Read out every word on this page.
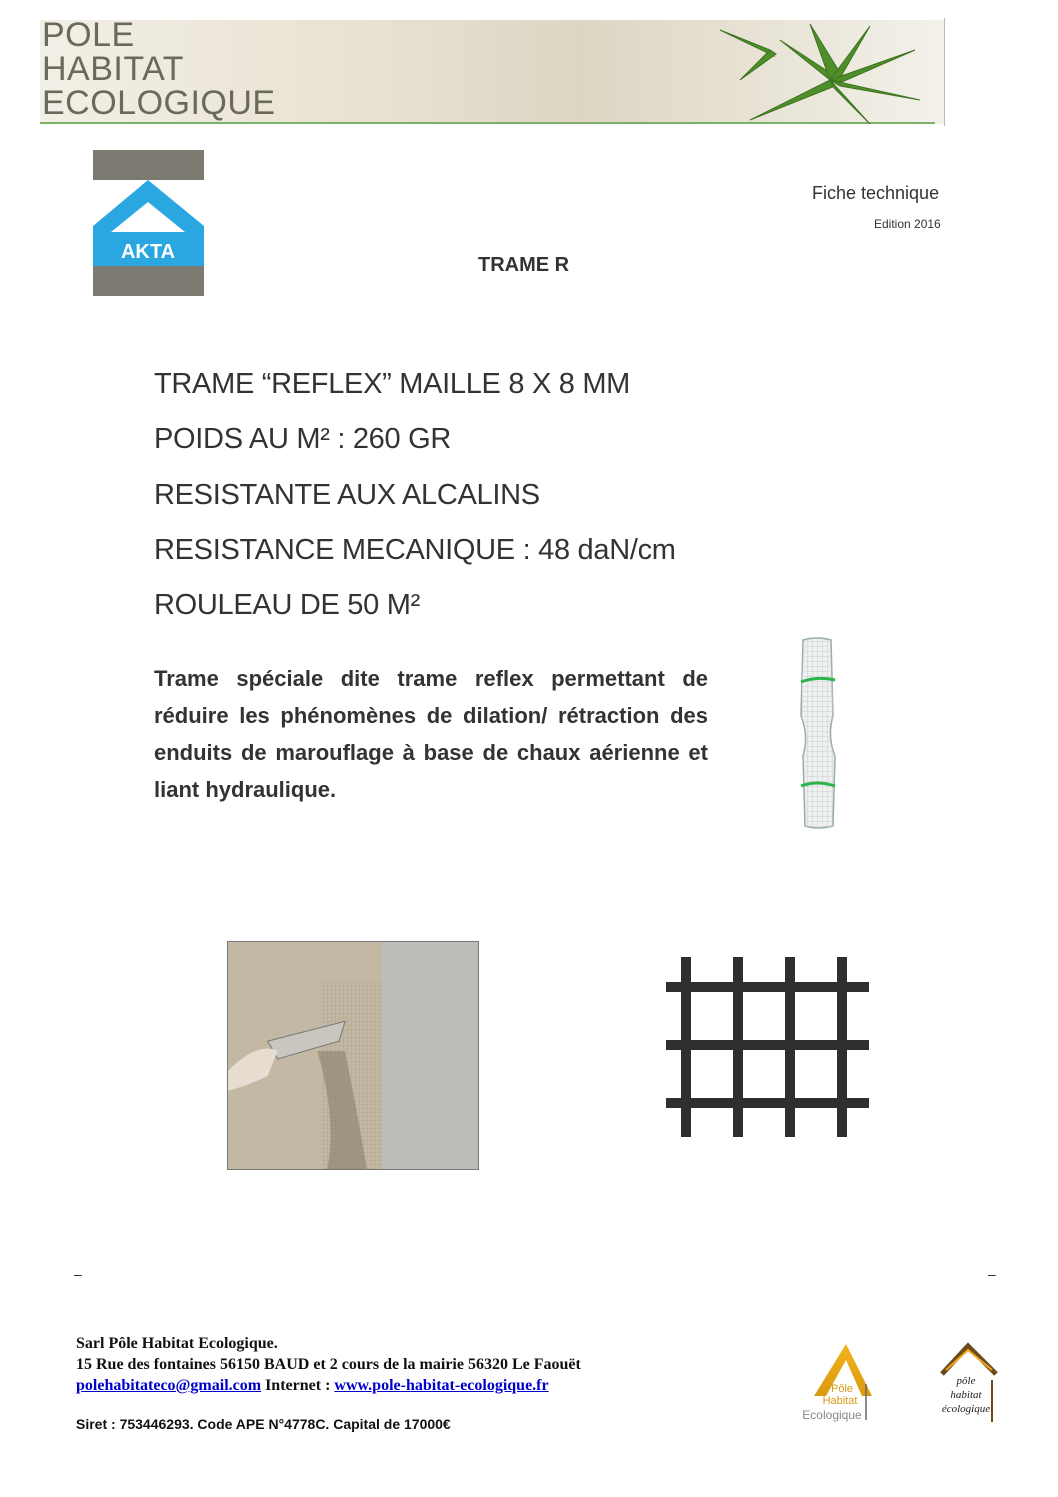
POLE
HABITAT
ECOLOGIQUE
AKTA
Fiche technique
Edition 2016
TRAME R
TRAME “REFLEX” MAILLE 8 X 8 MM
POIDS AU M² : 260 GR
RESISTANTE AUX ALCALINS
RESISTANCE MECANIQUE : 48 daN/cm
ROULEAU DE 50 M²
Trame spéciale dite trame reflex permettant de réduire les phénomènes de dilation/ rétraction des enduits de marouflage à base de chaux aérienne et liant hydraulique.
–	–
Sarl Pôle Habitat Ecologique.
15 Rue des fontaines 56150 BAUD et 2 cours de la mairie 56320 Le Faouët
polehabitateco@gmail.com Internet : www.pole-habitat-ecologique.fr
Siret : 753446293. Code APE N°4778C. Capital de 17000€
Pôle
Habitat
Ecologique
pôle
habitat
écologique
